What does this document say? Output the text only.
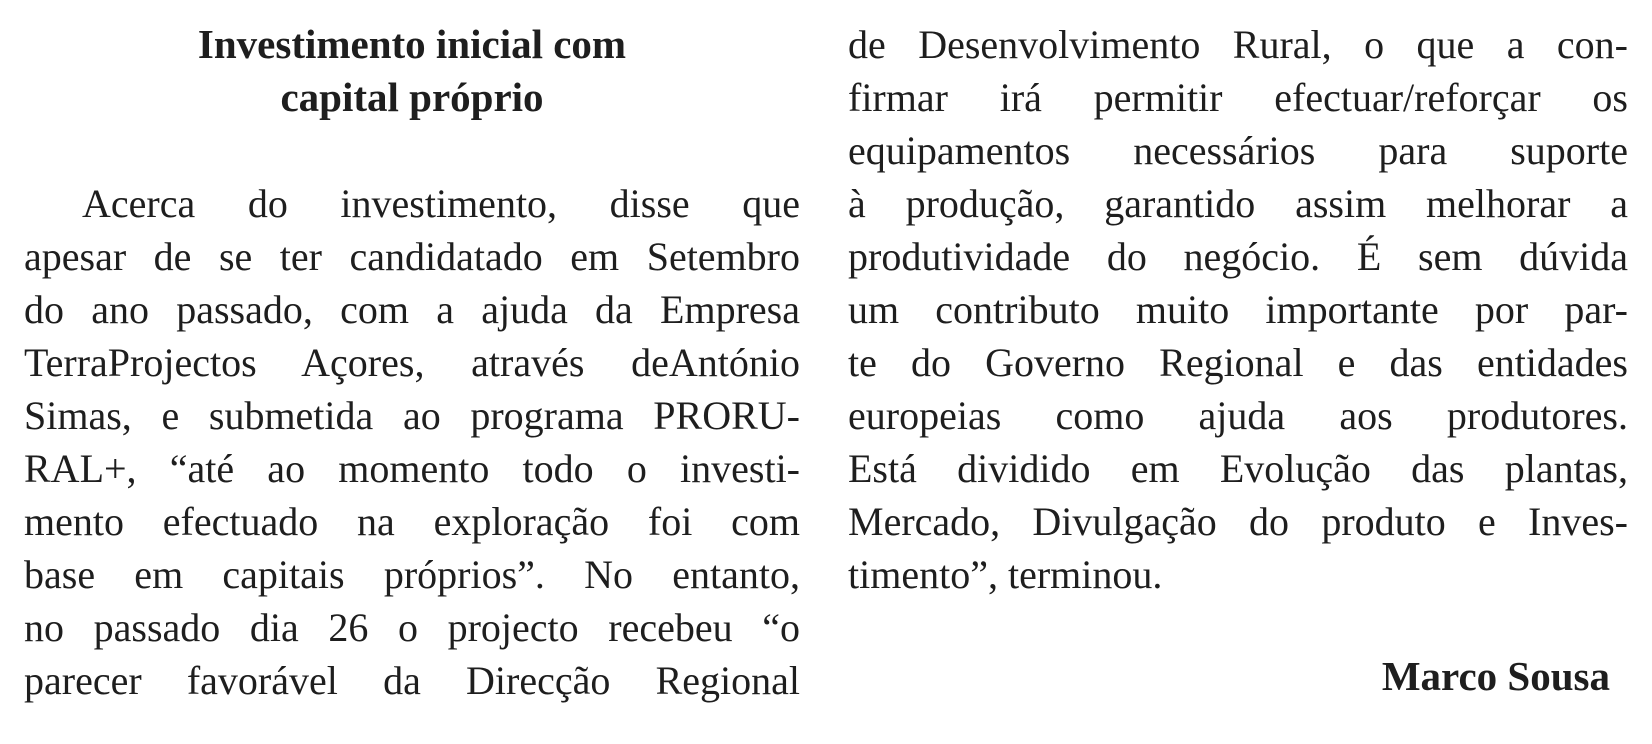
Investimento inicial com
capital próprio
Acerca do investimento, disse que
apesar de se ter candidatado em Setembro
do ano passado, com a ajuda da Empresa
TerraProjectos Açores, através deAntónio
Simas, e submetida ao programa PRORU-
RAL+, “até ao momento todo o investi-
mento efectuado na exploração foi com
base em capitais próprios”. No entanto,
no passado dia 26 o projecto recebeu “o
parecer favorável da Direcção Regional
de Desenvolvimento Rural, o que a con-
firmar irá permitir efectuar/reforçar os
equipamentos necessários para suporte
à produção, garantido assim melhorar a
produtividade do negócio. É sem dúvida
um contributo muito importante por par-
te do Governo Regional e das entidades
europeias como ajuda aos produtores.
Está dividido em Evolução das plantas,
Mercado, Divulgação do produto e Inves-
timento”, terminou.
Marco Sousa
